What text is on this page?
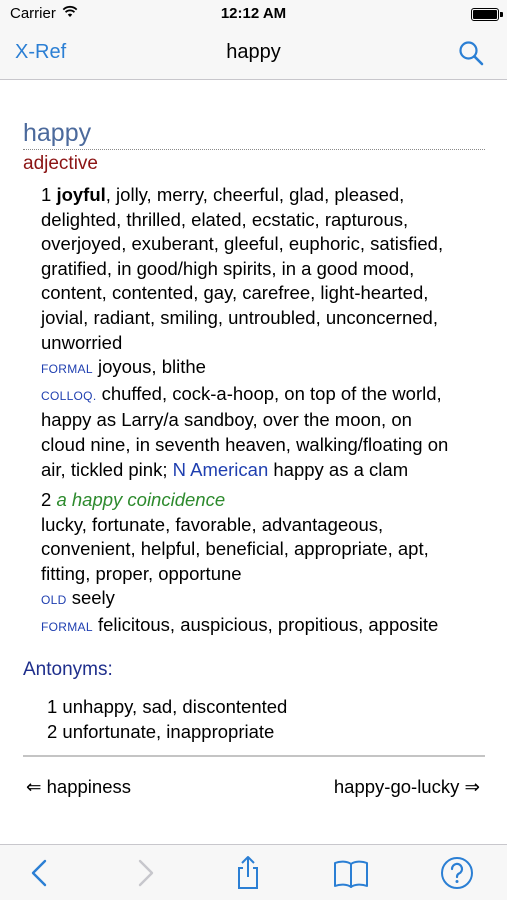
Carrier	12:12 AM
X-Ref	happy
happy
adjective
1 joyful, jolly, merry, cheerful, glad, pleased,
delighted, thrilled, elated, ecstatic, rapturous,
overjoyed, exuberant, gleeful, euphoric, satisfied,
gratified, in good/high spirits, in a good mood,
content, contented, gay, carefree, light-hearted,
jovial, radiant, smiling, untroubled, unconcerned,
unworried
FORMAL joyous, blithe
COLLOQ. chuffed, cock-a-hoop, on top of the world,
happy as Larry/a sandboy, over the moon, on
cloud nine, in seventh heaven, walking/floating on
air, tickled pink; N American happy as a clam
2 a happy coincidence
lucky, fortunate, favorable, advantageous,
convenient, helpful, beneficial, appropriate, apt,
fitting, proper, opportune
OLD seely
FORMAL felicitous, auspicious, propitious, apposite
Antonyms:
1 unhappy, sad, discontented
2 unfortunate, inappropriate
⇐ happiness	happy-go-lucky ⇒
